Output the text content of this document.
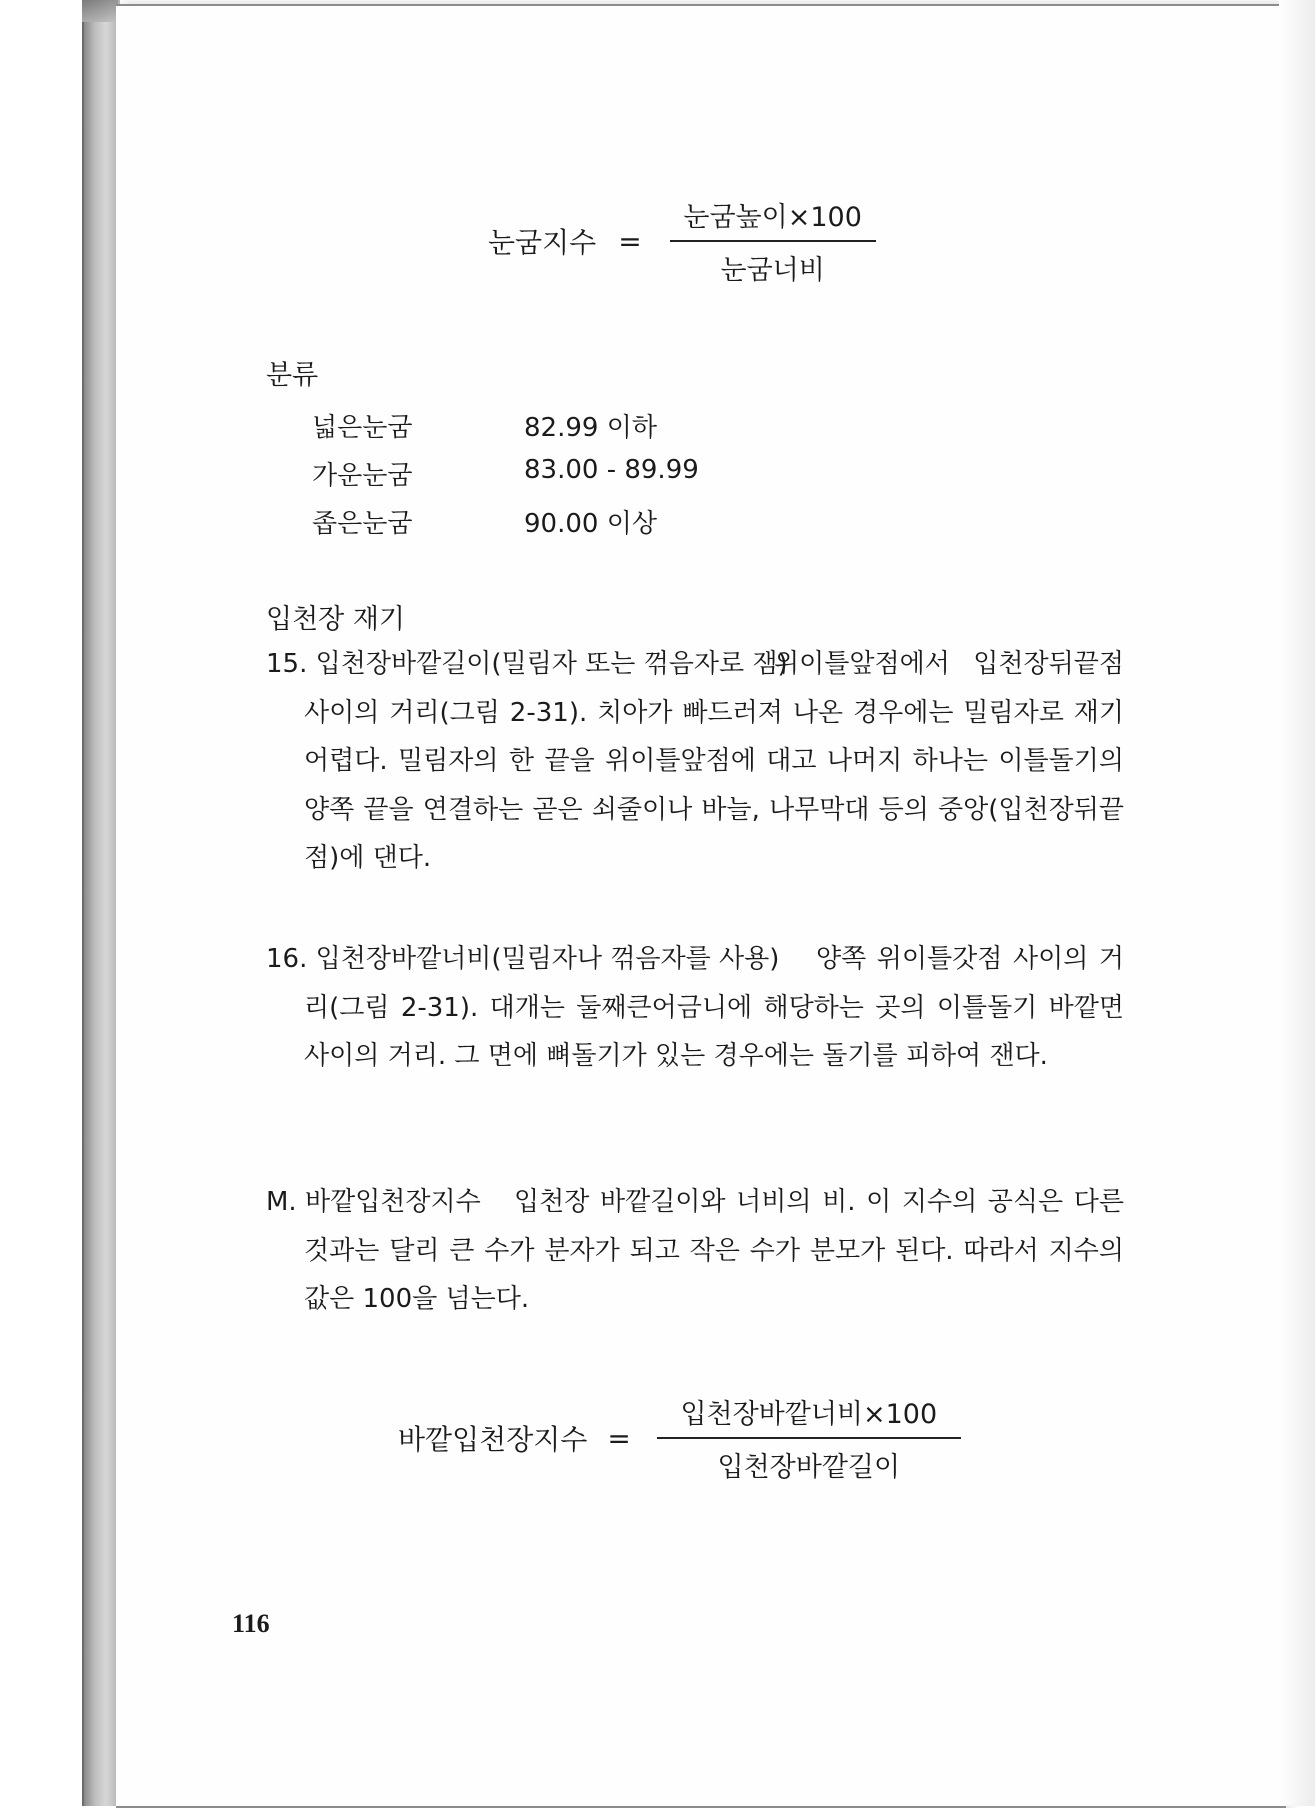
눈굼지수 = $\frac{\text{눈굼높이×100}}{\text{눈굼너비}}$
분류
넓은눈굼	82.99 이하
가운눈굼	83.00 - 89.99
좁은눈굼	90.00 이상
입천장 재기
15. 입천장바깥길이(밀림자 또는 꺾음자로 잼)
위이틀앞점에서 입천장뒤끝점 사이의 거리(그림 2-31). 치아가 빠드러져 나온 경우에는 밀림자로 재기 어렵다. 밀림자의 한 끝을 위이틀앞점에 대고 나머지 하나는 이틀돌기의 양쪽 끝을 연결하는 곧은 쇠줄이나 바늘, 나무막대 등의 중앙(입천장뒤끝점)에 댄다.
16. 입천장바깥너비(밀림자나 꺾음자를 사용)	양쪽 위이틀갓점 사이의 거리(그림 2-31). 대개는 둘째큰어금니에 해당하는 곳의 이틀돌기 바깥면 사이의 거리. 그 면에 뼈돌기가 있는 경우에는 돌기를 피하여 잰다.
M. 바깥입천장지수	입천장 바깥길이와 너비의 비. 이 지수의 공식은 다른 것과는 달리 큰 수가 분자가 되고 작은 수가 분모가 된다. 따라서 지수의 값은 100을 넘는다.
바깥입천장지수 = $\frac{\text{입천장바깥너비×100}}{\text{입천장바깥길이}}$
116
